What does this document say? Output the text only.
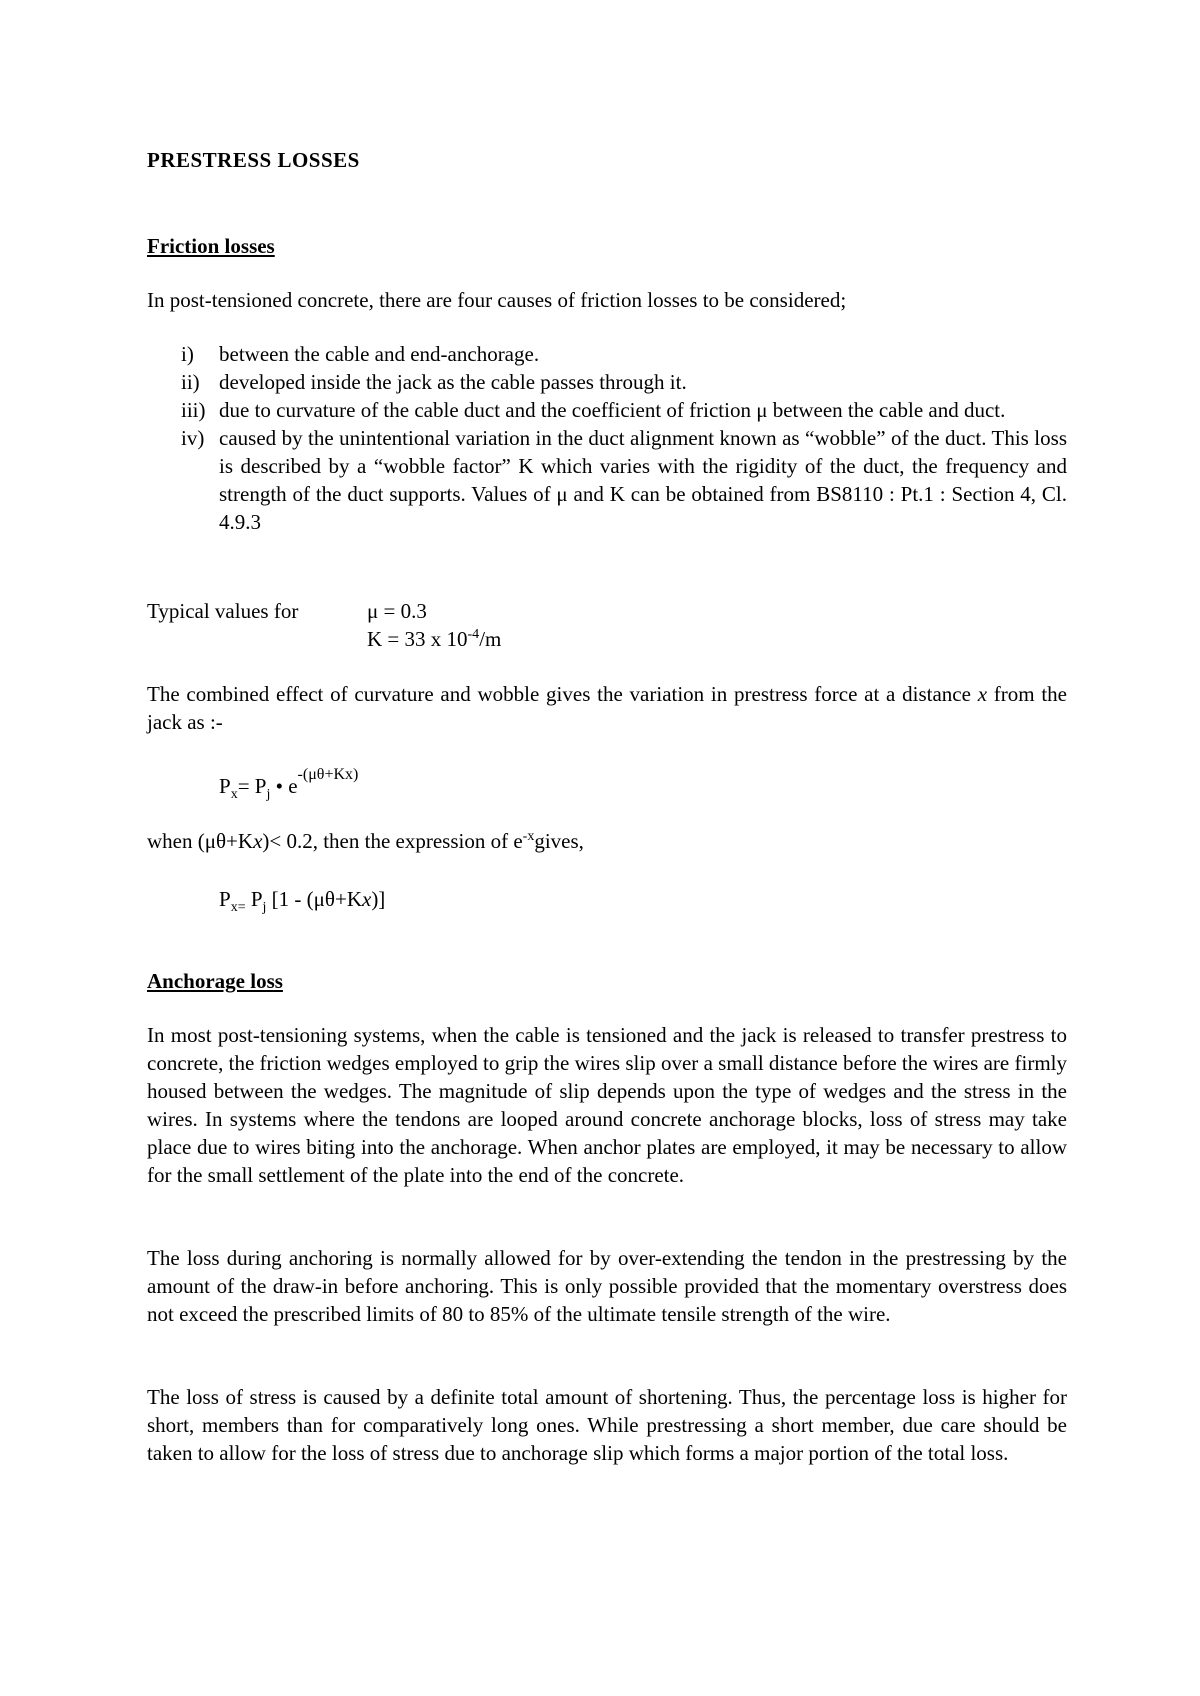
PRESTRESS LOSSES
Friction losses
In post-tensioned concrete, there are four causes of friction losses to be considered;
i) between the cable and end-anchorage.
ii) developed inside the jack as the cable passes through it.
iii) due to curvature of the cable duct and the coefficient of friction μ between the cable and duct.
iv) caused by the unintentional variation in the duct alignment known as “wobble” of the duct. This loss is described by a “wobble factor” K which varies with the rigidity of the duct, the frequency and strength of the duct supports. Values of μ and K can be obtained from BS8110 : Pt.1 : Section 4, Cl. 4.9.3
Typical values for	μ = 0.3
K = 33 x $10^{-4}/m$
The combined effect of curvature and wobble gives the variation in prestress force at a distance x from the jack as :-
$P_x= P_j$ • $e^{-(\mu\theta+Kx)}$
when (μθ+Kx)< 0.2, then the expression of $e^{-x}gives$,
$P_{x=}$ $P_j$ [1 - (μθ+Kx)]
Anchorage loss

In most post-tensioning systems, when the cable is tensioned and the jack is released to transfer prestress to concrete, the friction wedges employed to grip the wires slip over a small distance before the wires are firmly housed between the wedges. The magnitude of slip depends upon the type of wedges and the stress in the wires. In systems where the tendons are looped around concrete anchorage blocks, loss of stress may take place due to wires biting into the anchorage. When anchor plates are employed, it may be necessary to allow for the small settlement of the plate into the end of the concrete.

The loss during anchoring is normally allowed for by over-extending the tendon in the prestressing by the amount of the draw-in before anchoring. This is only possible provided that the momentary overstress does not exceed the prescribed limits of 80 to 85% of the ultimate tensile strength of the wire.

The loss of stress is caused by a definite total amount of shortening. Thus, the percentage loss is higher for short, members than for comparatively long ones. While prestressing a short member, due care should be taken to allow for the loss of stress due to anchorage slip which forms a major portion of the total loss.
